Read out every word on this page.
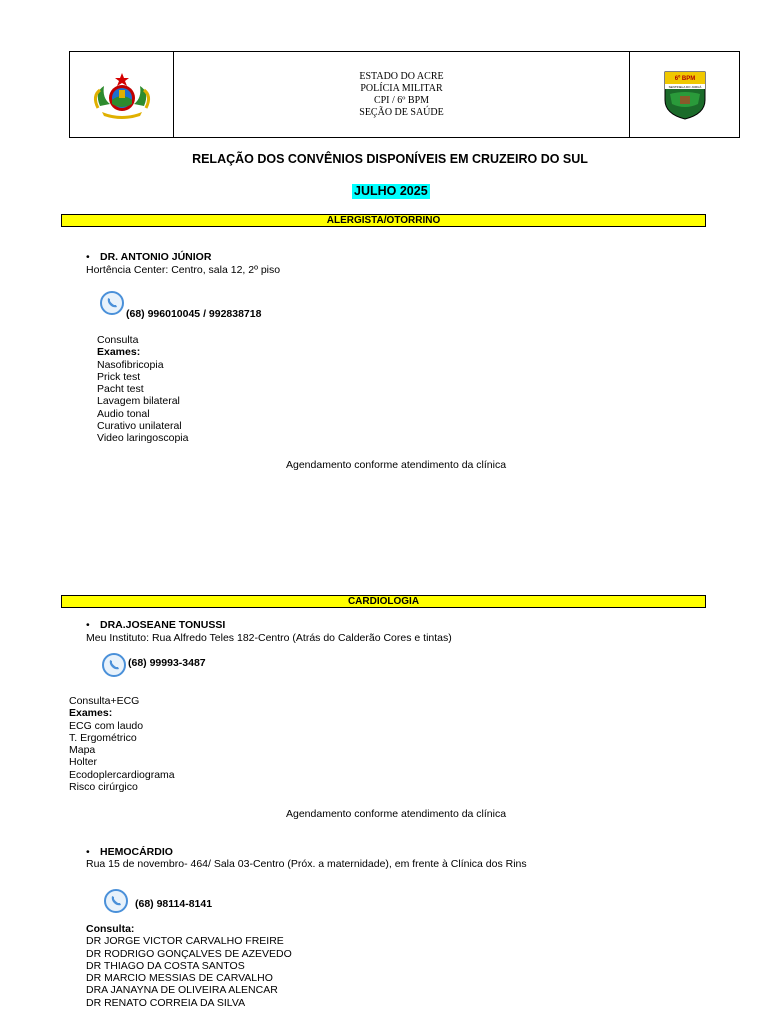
ESTADO DO ACRE
POLÍCIA MILITAR
CPI / 6º BPM
SEÇÃO DE SAÚDE
6º BPM
SENTINELA DO JURUÁ
RELAÇÃO DOS CONVÊNIOS DISPONÍVEIS EM CRUZEIRO DO SUL
JULHO 2025
ALERGISTA/OTORRINO
• DR. ANTONIO JÚNIOR
Hortência Center: Centro, sala 12, 2º piso
(68) 996010045 / 992838718
Consulta
Exames:
Nasofibricopia
Prick test
Pacht test
Lavagem bilateral
Audio tonal
Curativo unilateral
Video laringoscopia
Agendamento conforme atendimento da clínica
CARDIOLOGIA
• DRA.JOSEANE TONUSSI
Meu Instituto: Rua Alfredo Teles 182-Centro (Atrás do Calderão Cores e tintas)
(68) 99993-3487
Consulta+ECG
Exames:
ECG com laudo
T. Ergométrico
Mapa
Holter
Ecodoplercardiograma
Risco cirúrgico
Agendamento conforme atendimento da clínica
• HEMOCÁRDIO
Rua 15 de novembro- 464/ Sala 03-Centro (Próx. a maternidade), em frente à Clínica dos Rins
(68) 98114-8141
Consulta:
DR JORGE VICTOR CARVALHO FREIRE
DR RODRIGO GONÇALVES DE AZEVEDO
DR THIAGO DA COSTA SANTOS
DR MARCIO MESSIAS DE CARVALHO
DRA JANAYNA DE OLIVEIRA ALENCAR
DR RENATO CORREIA DA SILVA
